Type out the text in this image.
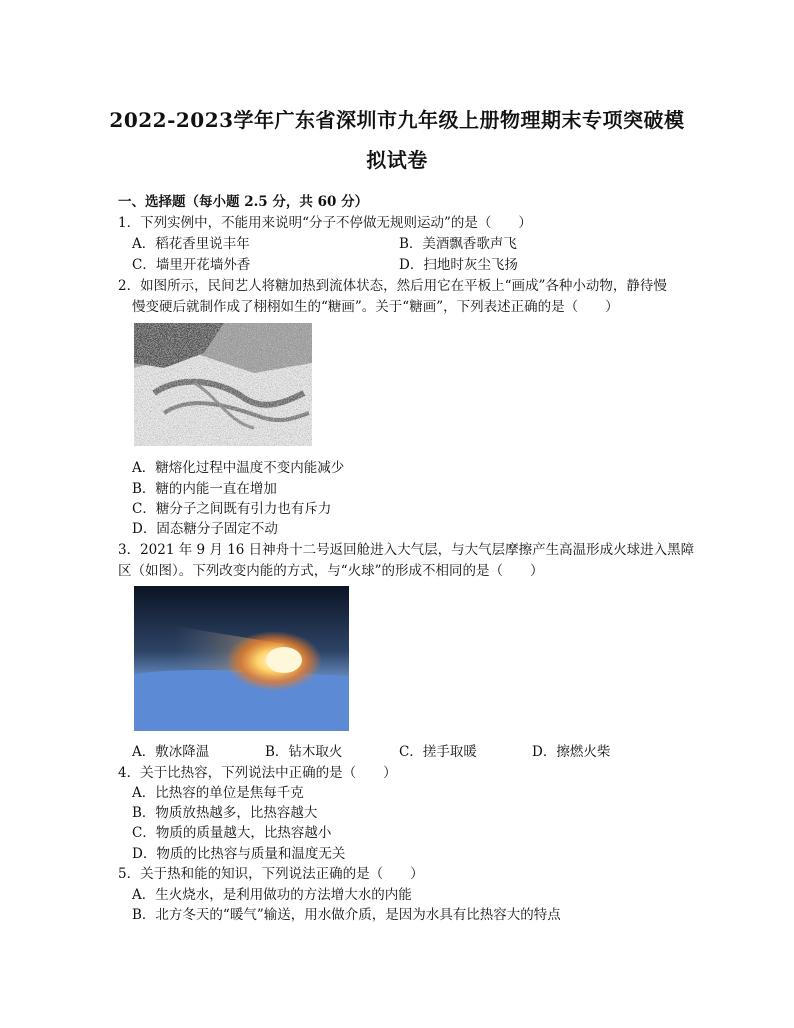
2022-2023学年广东省深圳市九年级上册物理期末专项突破模
拟试卷
一、选择题（每小题 2.5 分，共 60 分）
1．下列实例中，不能用来说明“分子不停做无规则运动”的是（　　）
A．稻花香里说丰年	B．美酒飘香歌声飞
C．墙里开花墙外香	D．扫地时灰尘飞扬
2．如图所示，民间艺人将糖加热到流体状态，然后用它在平板上“画成”各种小动物，静待慢
慢变硬后就制作成了栩栩如生的“糖画”。关于“糖画”，下列表述正确的是（　　）
A．糖熔化过程中温度不变内能减少
B．糖的内能一直在增加
C．糖分子之间既有引力也有斥力
D．固态糖分子固定不动
3．2021 年 9 月 16 日神舟十二号返回舱进入大气层，与大气层摩擦产生高温形成火球进入黑障
区（如图）。下列改变内能的方式，与“火球”的形成不相同的是（　　）
A．敷冰降温	B．钻木取火	C．搓手取暖	D．擦燃火柴
4．关于比热容，下列说法中正确的是（　　）
A．比热容的单位是焦每千克
B．物质放热越多，比热容越大
C．物质的质量越大，比热容越小
D．物质的比热容与质量和温度无关
5．关于热和能的知识，下列说法正确的是（　　）
A．生火烧水，是利用做功的方法增大水的内能
B．北方冬天的“暖气”输送，用水做介质，是因为水具有比热容大的特点
